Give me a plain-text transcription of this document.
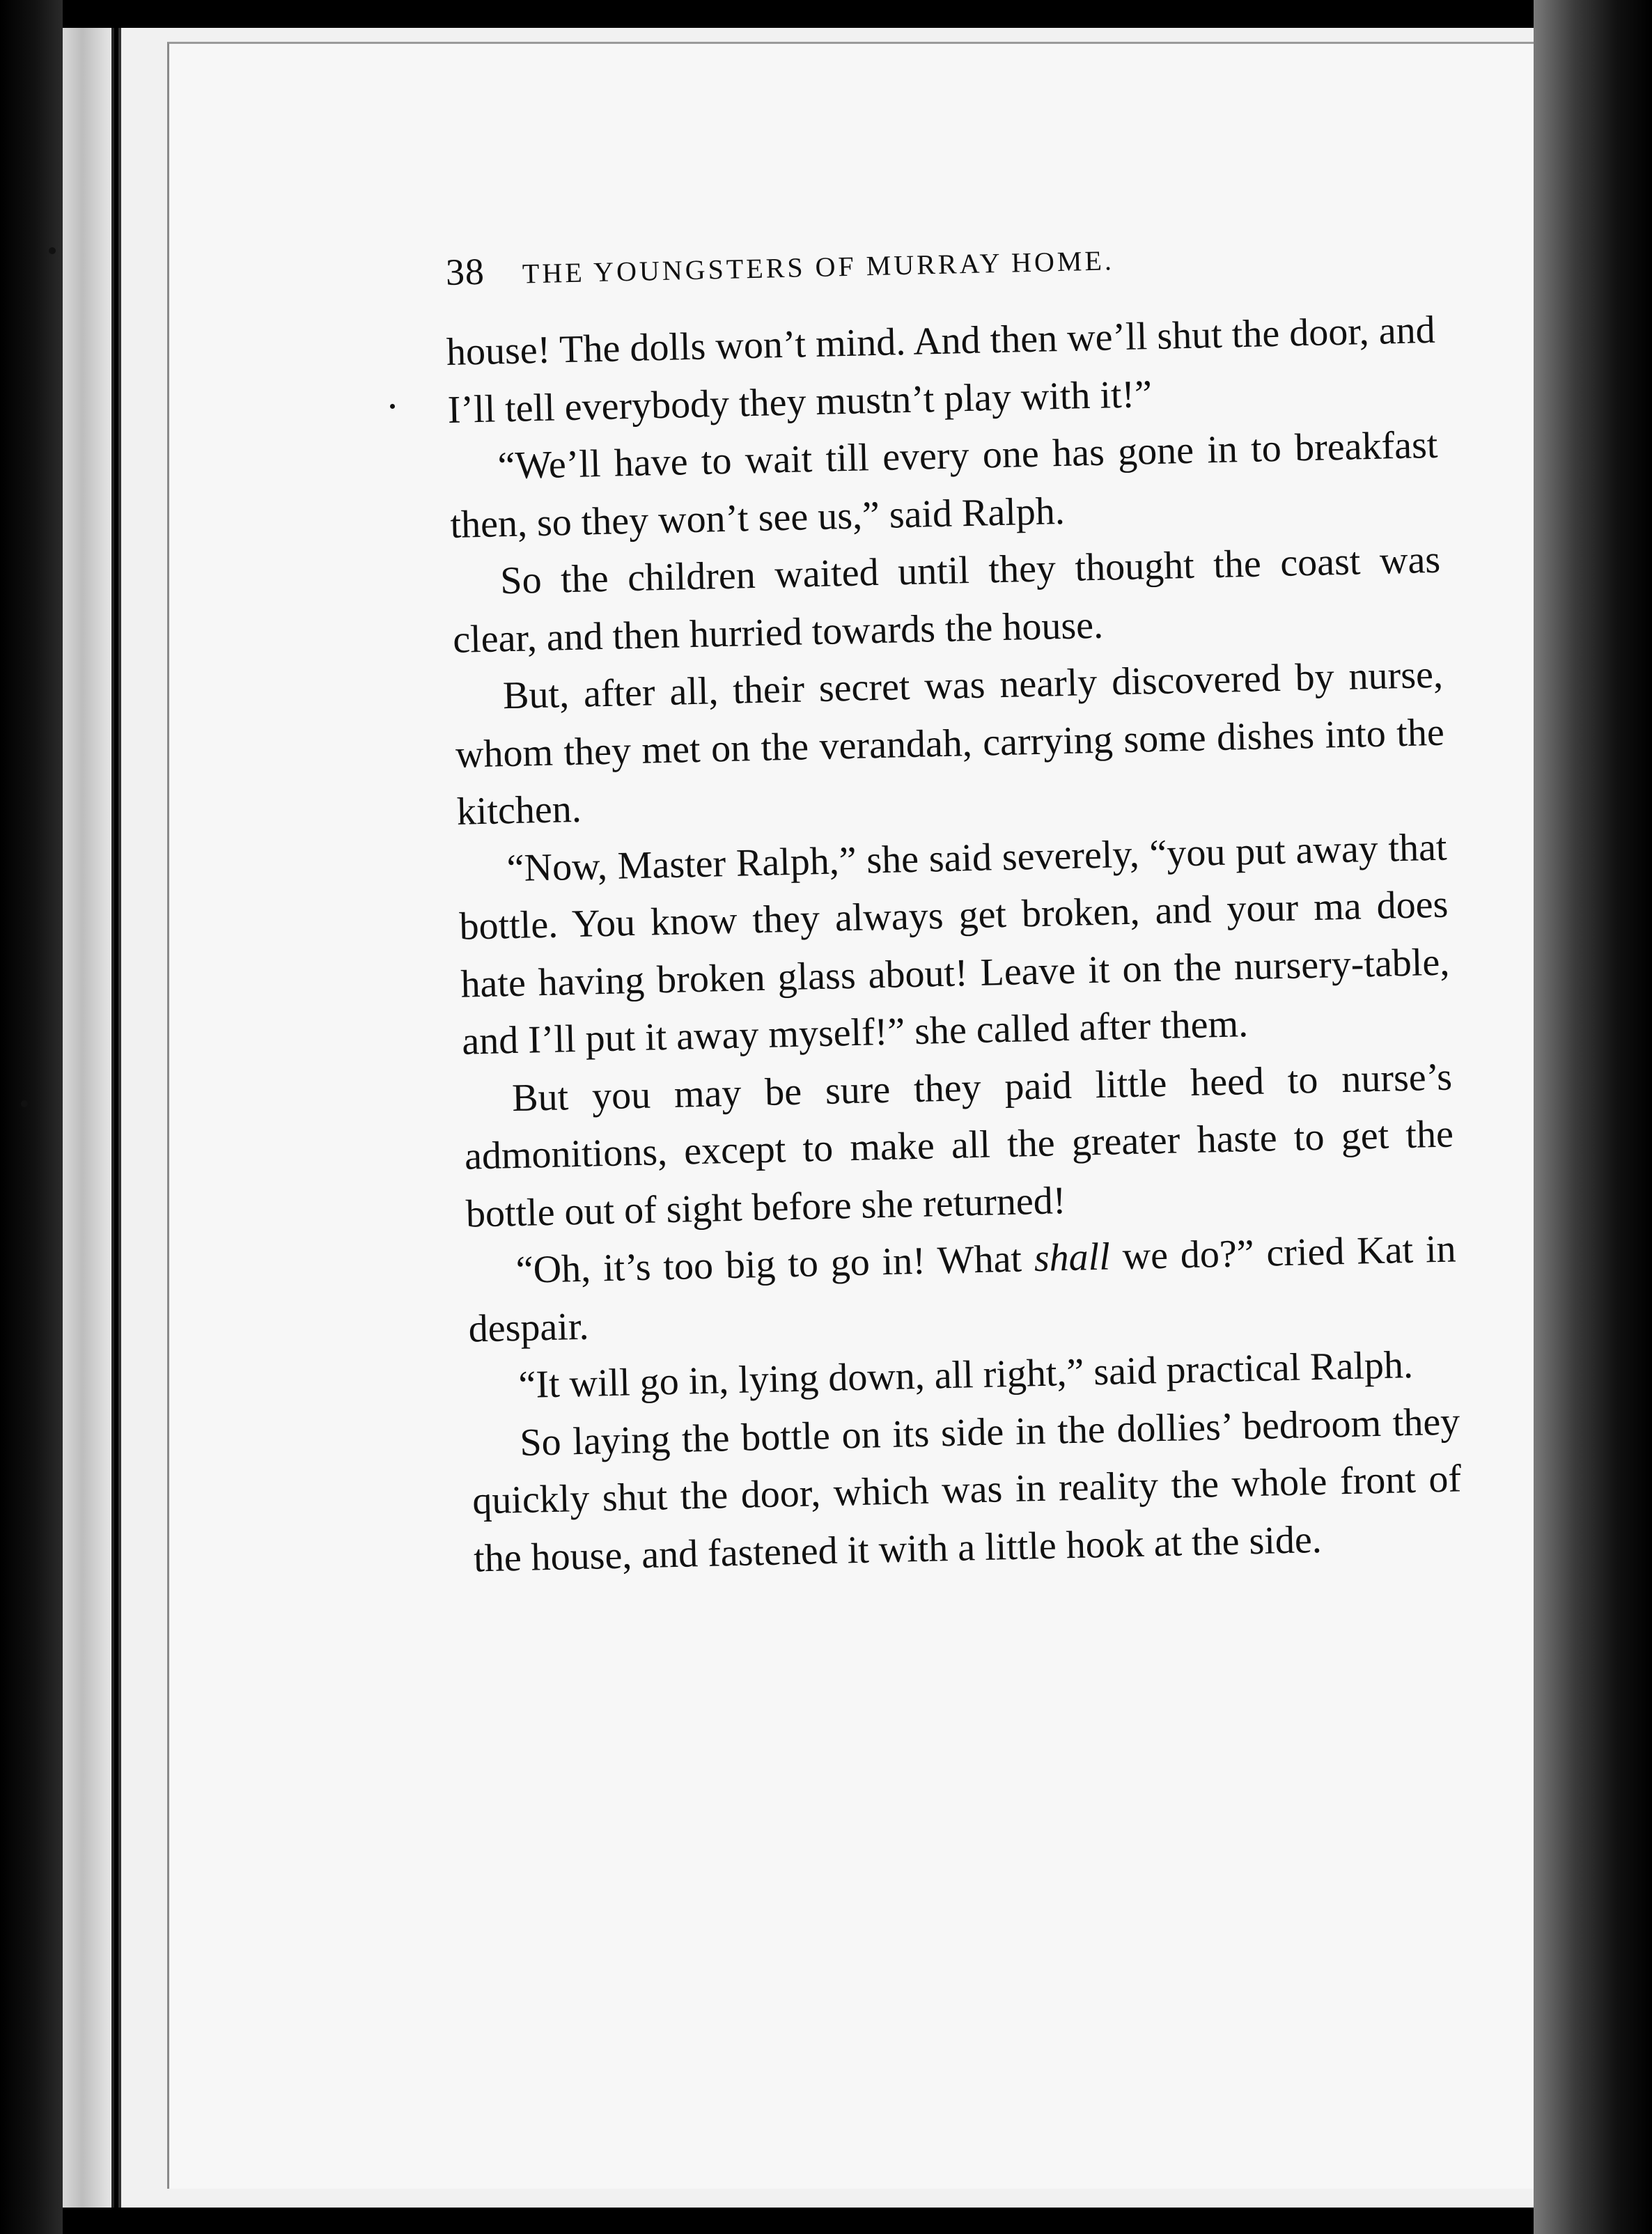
38 THE YOUNGSTERS OF MURRAY HOME.

house! The dolls won’t mind. And then we’ll shut the door, and I’ll tell everybody they mustn’t play with it!”

“We’ll have to wait till every one has gone in to breakfast then, so they won’t see us,” said Ralph.

So the children waited until they thought the coast was clear, and then hurried towards the house.

But, after all, their secret was nearly discovered by nurse, whom they met on the verandah, carrying some dishes into the kitchen.

“Now, Master Ralph,” she said severely, “you put away that bottle. You know they always get broken, and your ma does hate having broken glass about! Leave it on the nursery-table, and I’ll put it away myself!” she called after them.

But you may be sure they paid little heed to nurse’s admonitions, except to make all the greater haste to get the bottle out of sight before she returned!

“Oh, it’s too big to go in! What shall we do?” cried Kat in despair.

“It will go in, lying down, all right,” said practical Ralph.

So laying the bottle on its side in the dollies’ bedroom they quickly shut the door, which was in reality the whole front of the house, and fastened it with a little hook at the side.
